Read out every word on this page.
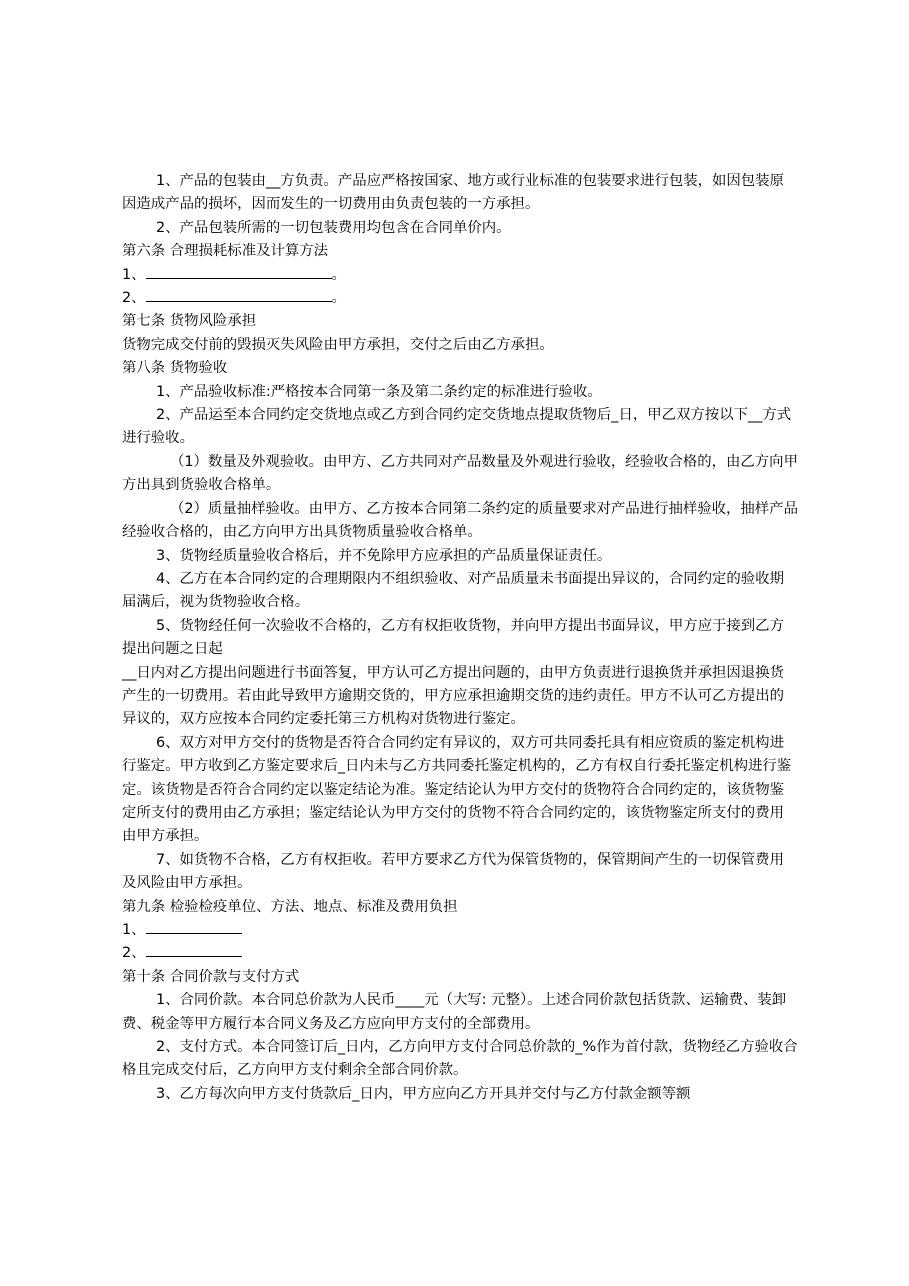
1、产品的包装由__方负责。产品应严格按国家、地方或行业标准的包装要求进行包装，如因包装原因造成产品的损坏，因而发生的一切费用由负责包装的一方承担。

2、产品包装所需的一切包装费用均包含在合同单价内。

第六条 合理损耗标准及计算方法

1、	。

2、	。

第七条 货物风险承担

货物完成交付前的毁损灭失风险由甲方承担，交付之后由乙方承担。

第八条 货物验收

1、产品验收标准:严格按本合同第一条及第二条约定的标准进行验收。

2、产品运至本合同约定交货地点或乙方到合同约定交货地点提取货物后_日，甲乙双方按以下__方式进行验收。

（1）数量及外观验收。由甲方、乙方共同对产品数量及外观进行验收，经验收合格的，由乙方向甲方出具到货验收合格单。

（2）质量抽样验收。由甲方、乙方按本合同第二条约定的质量要求对产品进行抽样验收，抽样产品经验收合格的，由乙方向甲方出具货物质量验收合格单。

3、货物经质量验收合格后，并不免除甲方应承担的产品质量保证责任。

4、乙方在本合同约定的合理期限内不组织验收、对产品质量未书面提出异议的，合同约定的验收期届满后，视为货物验收合格。

5、货物经任何一次验收不合格的，乙方有权拒收货物，并向甲方提出书面异议，甲方应于接到乙方提出问题之日起

__日内对乙方提出问题进行书面答复，甲方认可乙方提出问题的，由甲方负责进行退换货并承担因退换货产生的一切费用。若由此导致甲方逾期交货的，甲方应承担逾期交货的违约责任。甲方不认可乙方提出的异议的，双方应按本合同约定委托第三方机构对货物进行鉴定。

6、双方对甲方交付的货物是否符合合同约定有异议的，双方可共同委托具有相应资质的鉴定机构进行鉴定。甲方收到乙方鉴定要求后_日内未与乙方共同委托鉴定机构的，乙方有权自行委托鉴定机构进行鉴定。该货物是否符合合同约定以鉴定结论为准。鉴定结论认为甲方交付的货物符合合同约定的，该货物鉴定所支付的费用由乙方承担；鉴定结论认为甲方交付的货物不符合合同约定的，该货物鉴定所支付的费用由甲方承担。

7、如货物不合格，乙方有权拒收。若甲方要求乙方代为保管货物的，保管期间产生的一切保管费用及风险由甲方承担。

第九条 检验检疫单位、方法、地点、标准及费用负担

1、

2、

第十条 合同价款与支付方式

1、合同价款。本合同总价款为人民币____元（大写: 元整）。上述合同价款包括货款、运输费、装卸费、税金等甲方履行本合同义务及乙方应向甲方支付的全部费用。

2、支付方式。本合同签订后_日内，乙方向甲方支付合同总价款的_%作为首付款，货物经乙方验收合格且完成交付后，乙方向甲方支付剩余全部合同价款。

3、乙方每次向甲方支付货款后_日内，甲方应向乙方开具并交付与乙方付款金额等额
